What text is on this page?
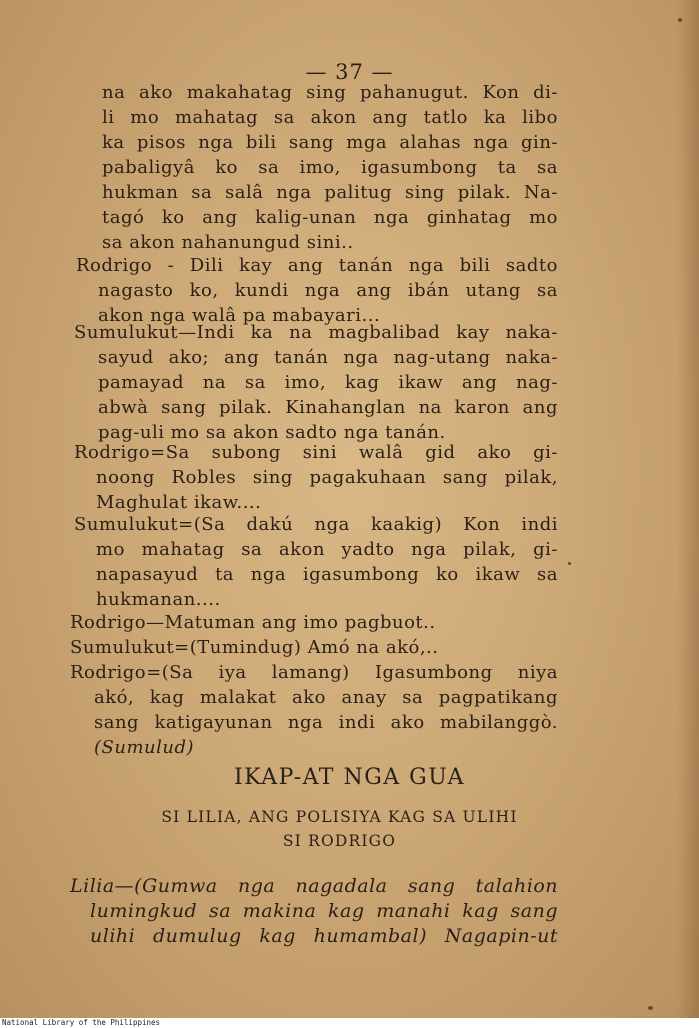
— 37 —
na ako makahatag sing pahanugut. Kon di-
li mo mahatag sa akon ang tatlo ka libo
ka pisos nga bili sang mga alahas nga gin-
pabaligyâ ko sa imo, igasumbong ta sa
hukman sa salâ nga palitug sing pilak. Na-
tagó ko ang kalig-unan nga ginhatag mo
sa akon nahanungud sini..
Rodrigo - Dili kay ang tanán nga bili sadto
nagasto ko, kundi nga ang ibán utang sa
akon nga walâ pa mabayari...
Sumulukut—Indi ka na magbalibad kay naka-
sayud ako; ang tanán nga nag-utang naka-
pamayad na sa imo, kag ikaw ang nag-
abwà sang pilak. Kinahanglan na karon ang
pag-uli mo sa akon sadto nga tanán.
Rodrigo=Sa subong sini walâ gid ako gi-
noong Robles sing pagakuhaan sang pilak,
Maghulat ikaw....
Sumulukut=(Sa dakú nga kaakig) Kon indi
mo mahatag sa akon yadto nga pilak, gi-
napasayud ta nga igasumbong ko ikaw sa
hukmanan....
Rodrigo—Matuman ang imo pagbuot..
Sumulukut=(Tumindug) Amó na akó,..
Rodrigo=(Sa iya lamang) Igasumbong niya
akó, kag malakat ako anay sa pagpatikang
sang katigayunan nga indi ako mabilanggò.
(Sumulud)
IKAP-AT NGA GUA
SI LILIA, ANG POLISIYA KAG SA ULIHI
SI RODRIGO
Lilia—(Gumwa nga nagadala sang talahion
lumingkud sa makina kag manahi kag sang
ulihi dumulug kag humambal) Nagapin-ut
National Library of the Philippines
